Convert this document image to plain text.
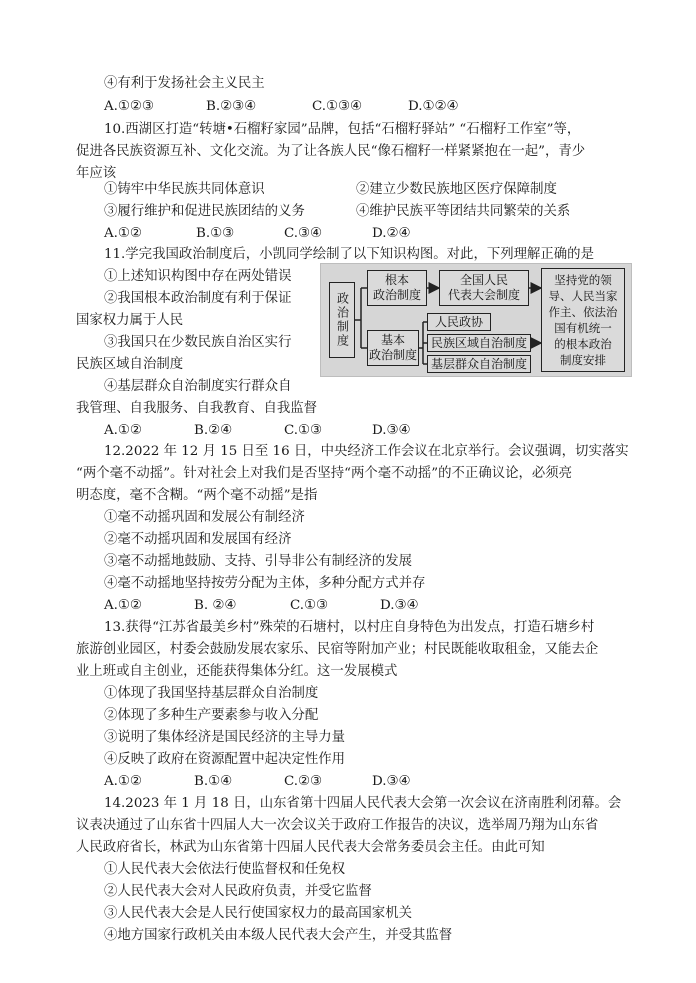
④有利于发扬社会主义民主
A.①②③	B.②③④	C.①③④	D.①②④
10.西湖区打造“转塘•石榴籽家园”品牌，包括“石榴籽驿站” “石榴籽工作室”等，
促进各民族资源互补、文化交流。为了让各族人民“像石榴籽一样紧紧抱在一起”，青少
年应该
①铸牢中华民族共同体意识	②建立少数民族地区医疗保障制度
③履行维护和促进民族团结的义务	④维护民族平等团结共同繁荣的关系
A.①②	B.①③	C.③④	D.②④
11.学完我国政治制度后，小凯同学绘制了以下知识构图。对此，下列理解正确的是
①上述知识构图中存在两处错误
②我国根本政治制度有利于保证
国家权力属于人民
③我国只在少数民族自治区实行
民族区域自治制度
④基层群众自治制度实行群众自
我管理、自我服务、自我教育、自我监督
A.①②	B.②④	C.①③	D.③④
政治制度
根本
政治制度
全国人民
代表大会制度
基本
政治制度
人民政协
民族区域自治制度
基层群众自治制度
坚持党的领
导、人民当家
作主、依法治
国有机统一
的根本政治
制度安排
12.2022 年 12 月 15 日至 16 日，中央经济工作会议在北京举行。会议强调，切实落实
“两个毫不动摇”。针对社会上对我们是否坚持“两个毫不动摇”的不正确议论，必须亮
明态度，毫不含糊。“两个毫不动摇”是指
①毫不动摇巩固和发展公有制经济
②毫不动摇巩固和发展国有经济
③毫不动摇地鼓励、支持、引导非公有制经济的发展
④毫不动摇地坚持按劳分配为主体，多种分配方式并存
A.①②	B. ②④	C.①③	D.③④
13.获得“江苏省最美乡村”殊荣的石塘村，以村庄自身特色为出发点，打造石塘乡村
旅游创业园区，村委会鼓励发展农家乐、民宿等附加产业；村民既能收取租金，又能去企
业上班或自主创业，还能获得集体分红。这一发展模式
①体现了我国坚持基层群众自治制度
②体现了多种生产要素参与收入分配
③说明了集体经济是国民经济的主导力量
④反映了政府在资源配置中起决定性作用
A.①②	B.①④	C.②③	D.③④
14.2023 年 1 月 18 日，山东省第十四届人民代表大会第一次会议在济南胜利闭幕。会
议表决通过了山东省十四届人大一次会议关于政府工作报告的决议，选举周乃翔为山东省
人民政府省长，林武为山东省第十四届人民代表大会常务委员会主任。由此可知
①人民代表大会依法行使监督权和任免权
②人民代表大会对人民政府负责，并受它监督
③人民代表大会是人民行使国家权力的最高国家机关
④地方国家行政机关由本级人民代表大会产生，并受其监督
